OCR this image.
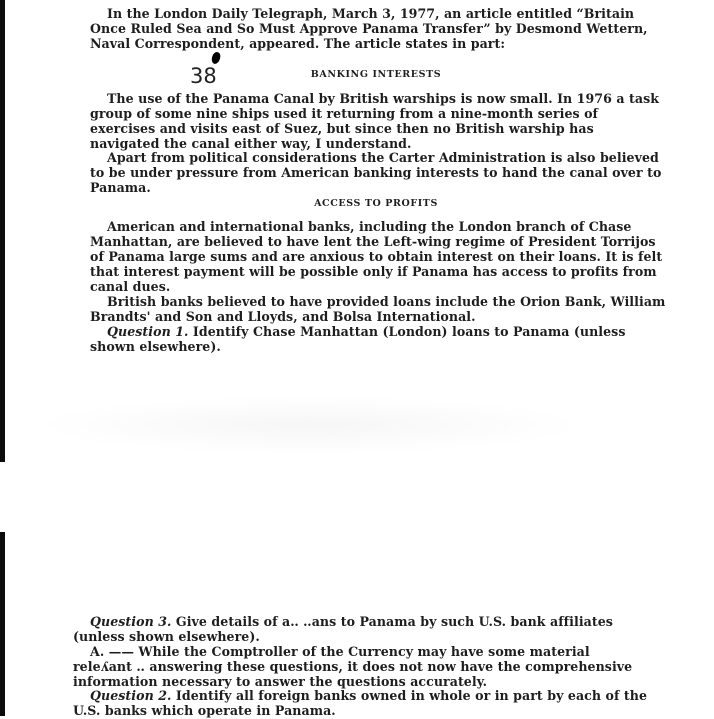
In the London Daily Telegraph, March 3, 1977, an article entitled “Britain Once Ruled Sea and So Must Approve Panama Transfer” by Desmond Wettern, Naval Correspondent, appeared. The article states in part:

38	BANKING INTERESTS

The use of the Panama Canal by British warships is now small. In 1976 a task group of some nine ships used it returning from a nine-month series of exercises and visits east of Suez, but since then no British warship has navigated the canal either way, I understand.

Apart from political considerations the Carter Administration is also believed to be under pressure from American banking interests to hand the canal over to Panama.

ACCESS TO PROFITS

American and international banks, including the London branch of Chase Manhattan, are believed to have lent the Left-wing regime of President Torrijos of Panama large sums and are anxious to obtain interest on their loans. It is felt that interest payment will be possible only if Panama has access to profits from canal dues.

British banks believed to have provided loans include the Orion Bank, William Brandts' and Son and Lloyds, and Bolsa International.

Question 1. Identify Chase Manhattan (London) loans to Panama (unless shown elsewhere).

Question 3. Give details of a‥ ‥ans to Panama by such U.S. bank affiliates (unless shown elsewhere).

A. —— While the Comptroller of the Currency may have some material releʎant ‥ answering these questions, it does not now have the comprehensive information necessary to answer the questions accurately.

Question 2. Identify all foreign banks owned in whole or in part by each of the U.S. banks which operate in Panama.
